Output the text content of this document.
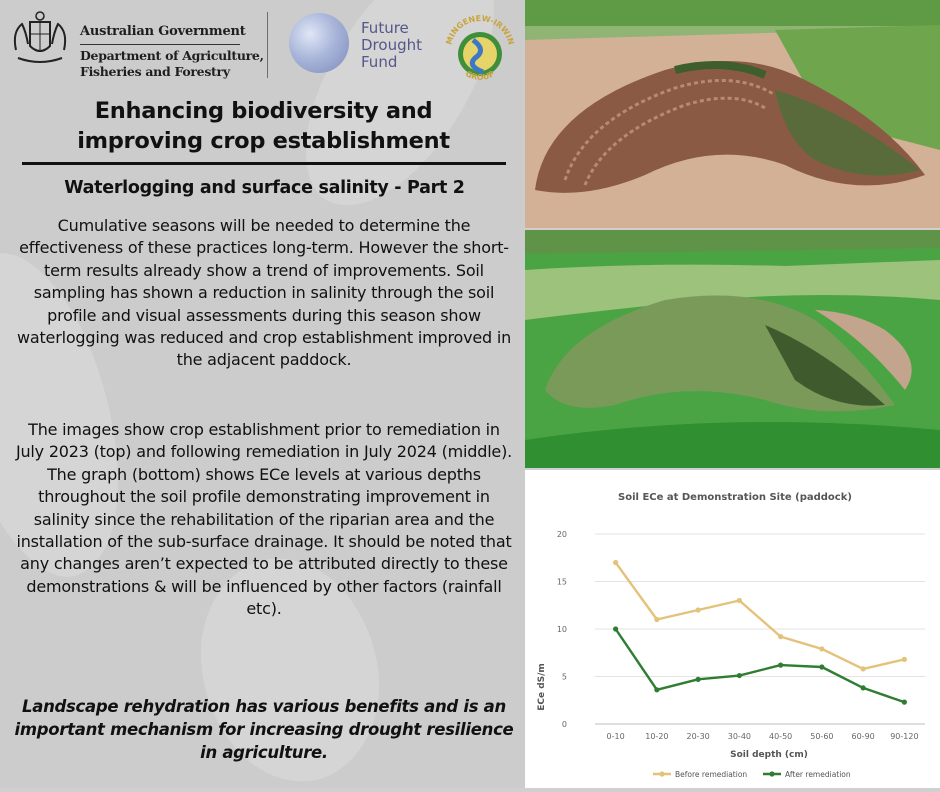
Australian Government
Department of Agriculture,
Fisheries and Forestry
Future
Drought
Fund
MINGENEW-IRWIN
GROUP
Enhancing biodiversity and
improving crop establishment
Waterlogging and surface salinity - Part 2

Cumulative seasons will be needed to determine the effectiveness of these practices long-term. However the short-term results already show a trend of improvements. Soil sampling has shown a reduction in salinity through the soil profile and visual assessments during this season show waterlogging was reduced and crop establishment improved in the adjacent paddock.

The images show crop establishment prior to remediation in July 2023 (top) and following remediation in July 2024 (middle). The graph (bottom) shows ECe levels at various depths throughout the soil profile demonstrating improvement in salinity since the rehabilitation of the riparian area and the installation of the sub-surface drainage. It should be noted that any changes aren’t expected to be attributed directly to these demonstrations & will be influenced by other factors (rainfall etc).

Landscape rehydration has various benefits and is an important mechanism for increasing drought resilience in agriculture.

Soil ECe at Demonstration Site (paddock)
ECe dS/m
Soil depth (cm)
0
5
10
15
20
0-10	10-20 20-30 30-40 40-50 50-60 60-90 90-120
Before remediation	After remediation
